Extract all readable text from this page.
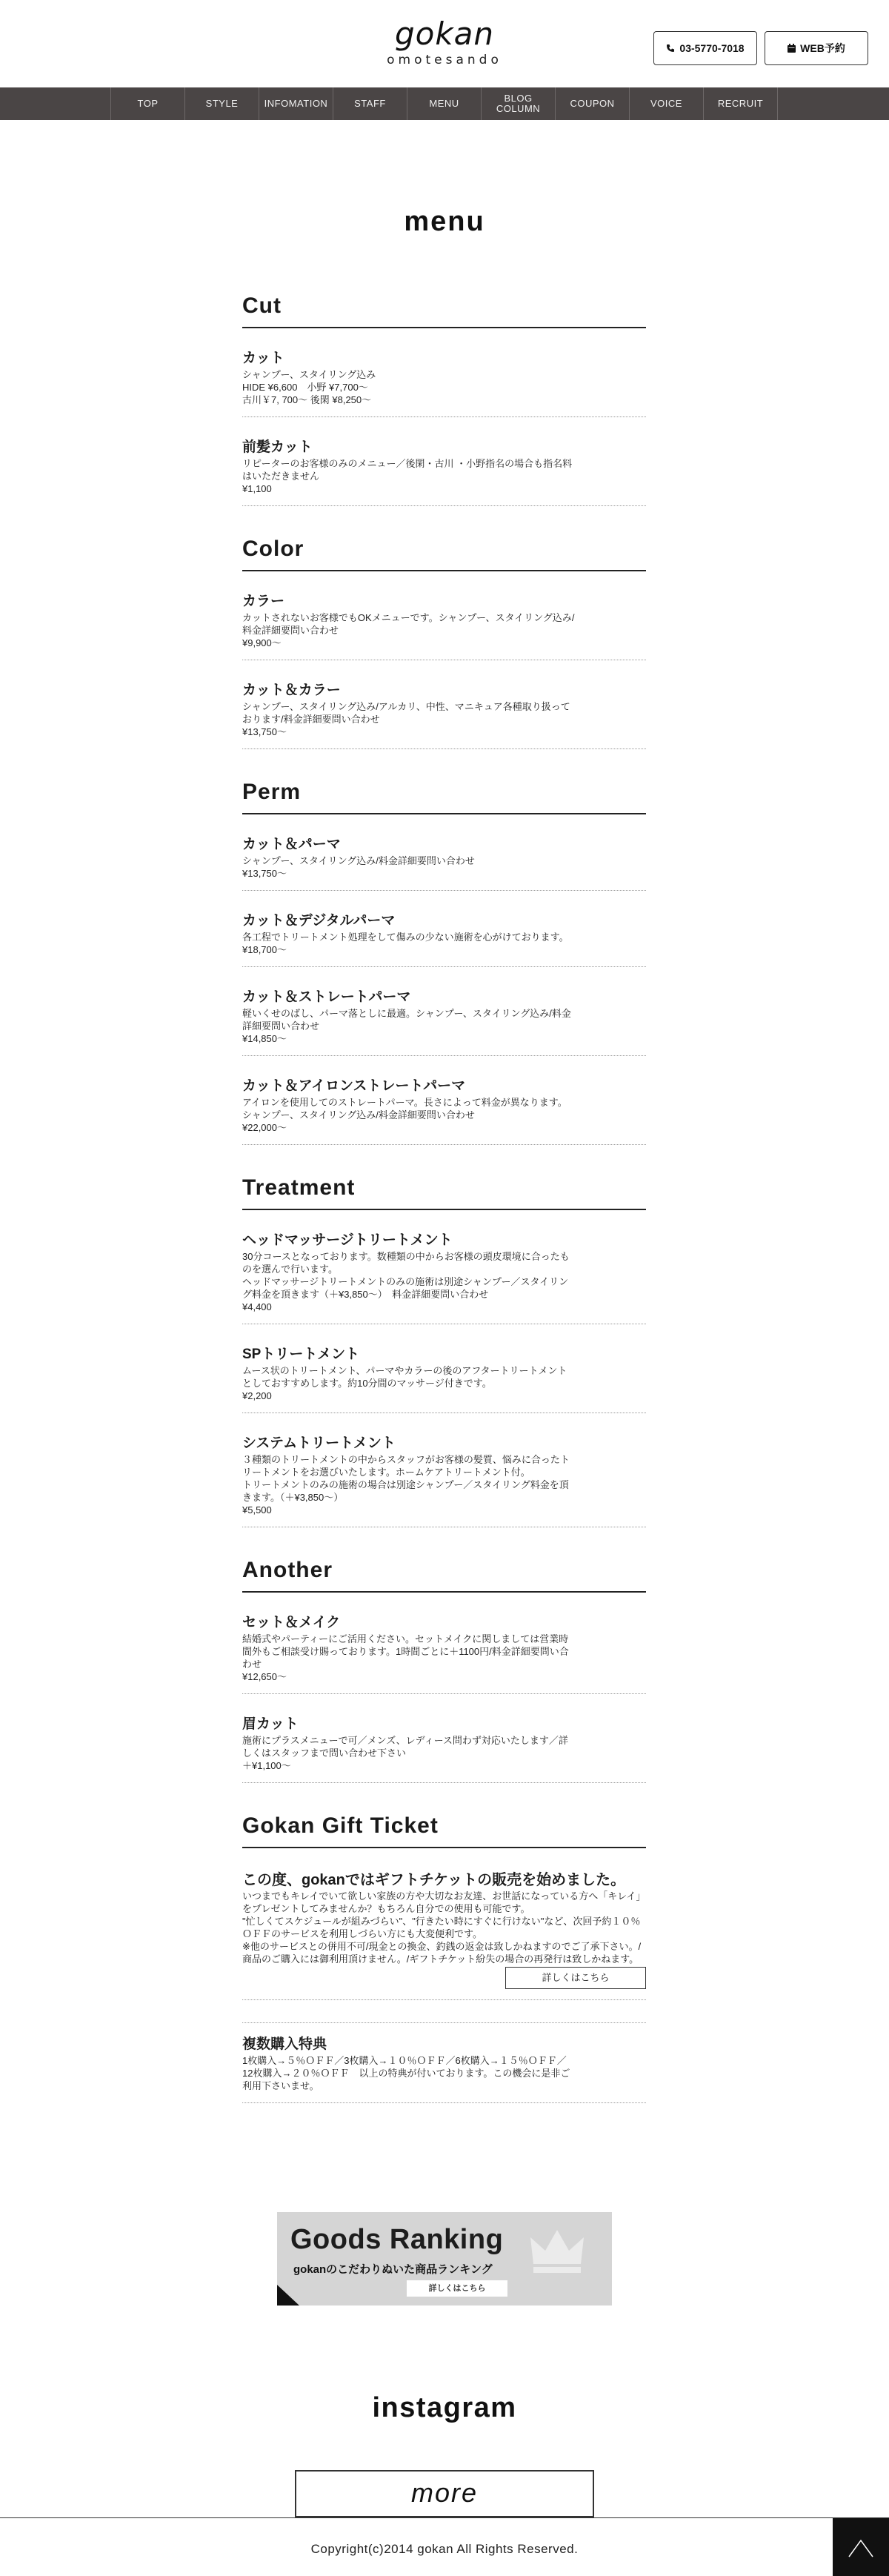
gokan
omotesando
03-5770-7018	WEB予約
TOP	STYLE	INFOMATION	STAFF	MENU	BLOG
COLUMN	COUPON	VOICE	RECRUIT
menu
Cut
カット
シャンプー、スタイリング込み
HIDE ¥6,600　小野 ¥7,700～
古川￥7, 700～ 後閑 ¥8,250～
前髪カット
リピーターのお客様のみのメニュー／後閑・古川 ・小野指名の場合も指名料はいただきません
¥1,100
Color
カラー
カットされないお客様でもOKメニューです。シャンプー、スタイリング込み/料金詳細要問い合わせ
¥9,900～
カット＆カラー
シャンプー、スタイリング込み/アルカリ、中性、マニキュア各種取り扱っております/料金詳細要問い合わせ
¥13,750〜
Perm
カット＆パーマ
シャンプー、スタイリング込み/料金詳細要問い合わせ
¥13,750～
カット＆デジタルパーマ
各工程でトリートメント処理をして傷みの少ない施術を心がけております。
¥18,700～
カット＆ストレートパーマ
軽いくせのばし、パーマ落としに最適。シャンプー、スタイリング込み/料金詳細要問い合わせ
¥14,850～
カット＆アイロンストレートパーマ
アイロンを使用してのストレートパーマ。長さによって料金が異なります。シャンプー、スタイリング込み/料金詳細要問い合わせ
¥22,000～
Treatment
ヘッドマッサージトリートメント
30分コースとなっております。数種類の中からお客様の頭皮環境に合ったものを選んで行います。
ヘッドマッサージトリートメントのみの施術は別途シャンプー／スタイリング料金を頂きます（＋¥3,850～）　料金詳細要問い合わせ
¥4,400
SPトリートメント
ムース状のトリートメント、パーマやカラーの後のアフタートリートメントとしておすすめします。約10分間のマッサージ付きです。
¥2,200
システムトリートメント
３種類のトリートメントの中からスタッフがお客様の髪質、悩みに合ったトリートメントをお選びいたします。ホームケアトリートメント付。
トリートメントのみの施術の場合は別途シャンプー／スタイリング料金を頂きます。（＋¥3,850〜）
¥5,500
Another
セット＆メイク
結婚式やパーティーにご活用ください。セットメイクに関しましては営業時間外もご相談受け賜っております。1時間ごとに＋1100円/料金詳細要問い合わせ
¥12,650〜
眉カット
施術にプラスメニューで可／メンズ、レディース問わず対応いたします／詳しくはスタッフまで問い合わせ下さい
＋¥1,100～
Gokan Gift Ticket
この度、gokanではギフトチケットの販売を始めました。
いつまでもキレイでいて欲しい家族の方や大切なお友達、お世話になっている方へ「キレイ」をプレゼントしてみませんか？もちろん自分での使用も可能です。
"忙しくてスケジュールが組みづらい"、"行きたい時にすぐに行けない"など、次回予約１０％ＯＦＦのサービスを利用しづらい方にも大変便利です。
※他のサービスとの併用不可/現金との換金、釣銭の返金は致しかねますのでご了承下さい。/商品のご購入には御利用頂けません。/ギフトチケット紛失の場合の再発行は致しかねます。
詳しくはこちら
複数購入特典
1枚購入→５％ＯＦＦ／3枚購入→１０％ＯＦＦ／6枚購入→１５％ＯＦＦ／12枚購入→２０％ＯＦＦ　以上の特典が付いております。この機会に是非ご利用下さいませ。
Goods Ranking
gokanのこだわりぬいた商品ランキング
詳しくはこちら
instagram
more
Copyright(c)2014 gokan All Rights Reserved.
